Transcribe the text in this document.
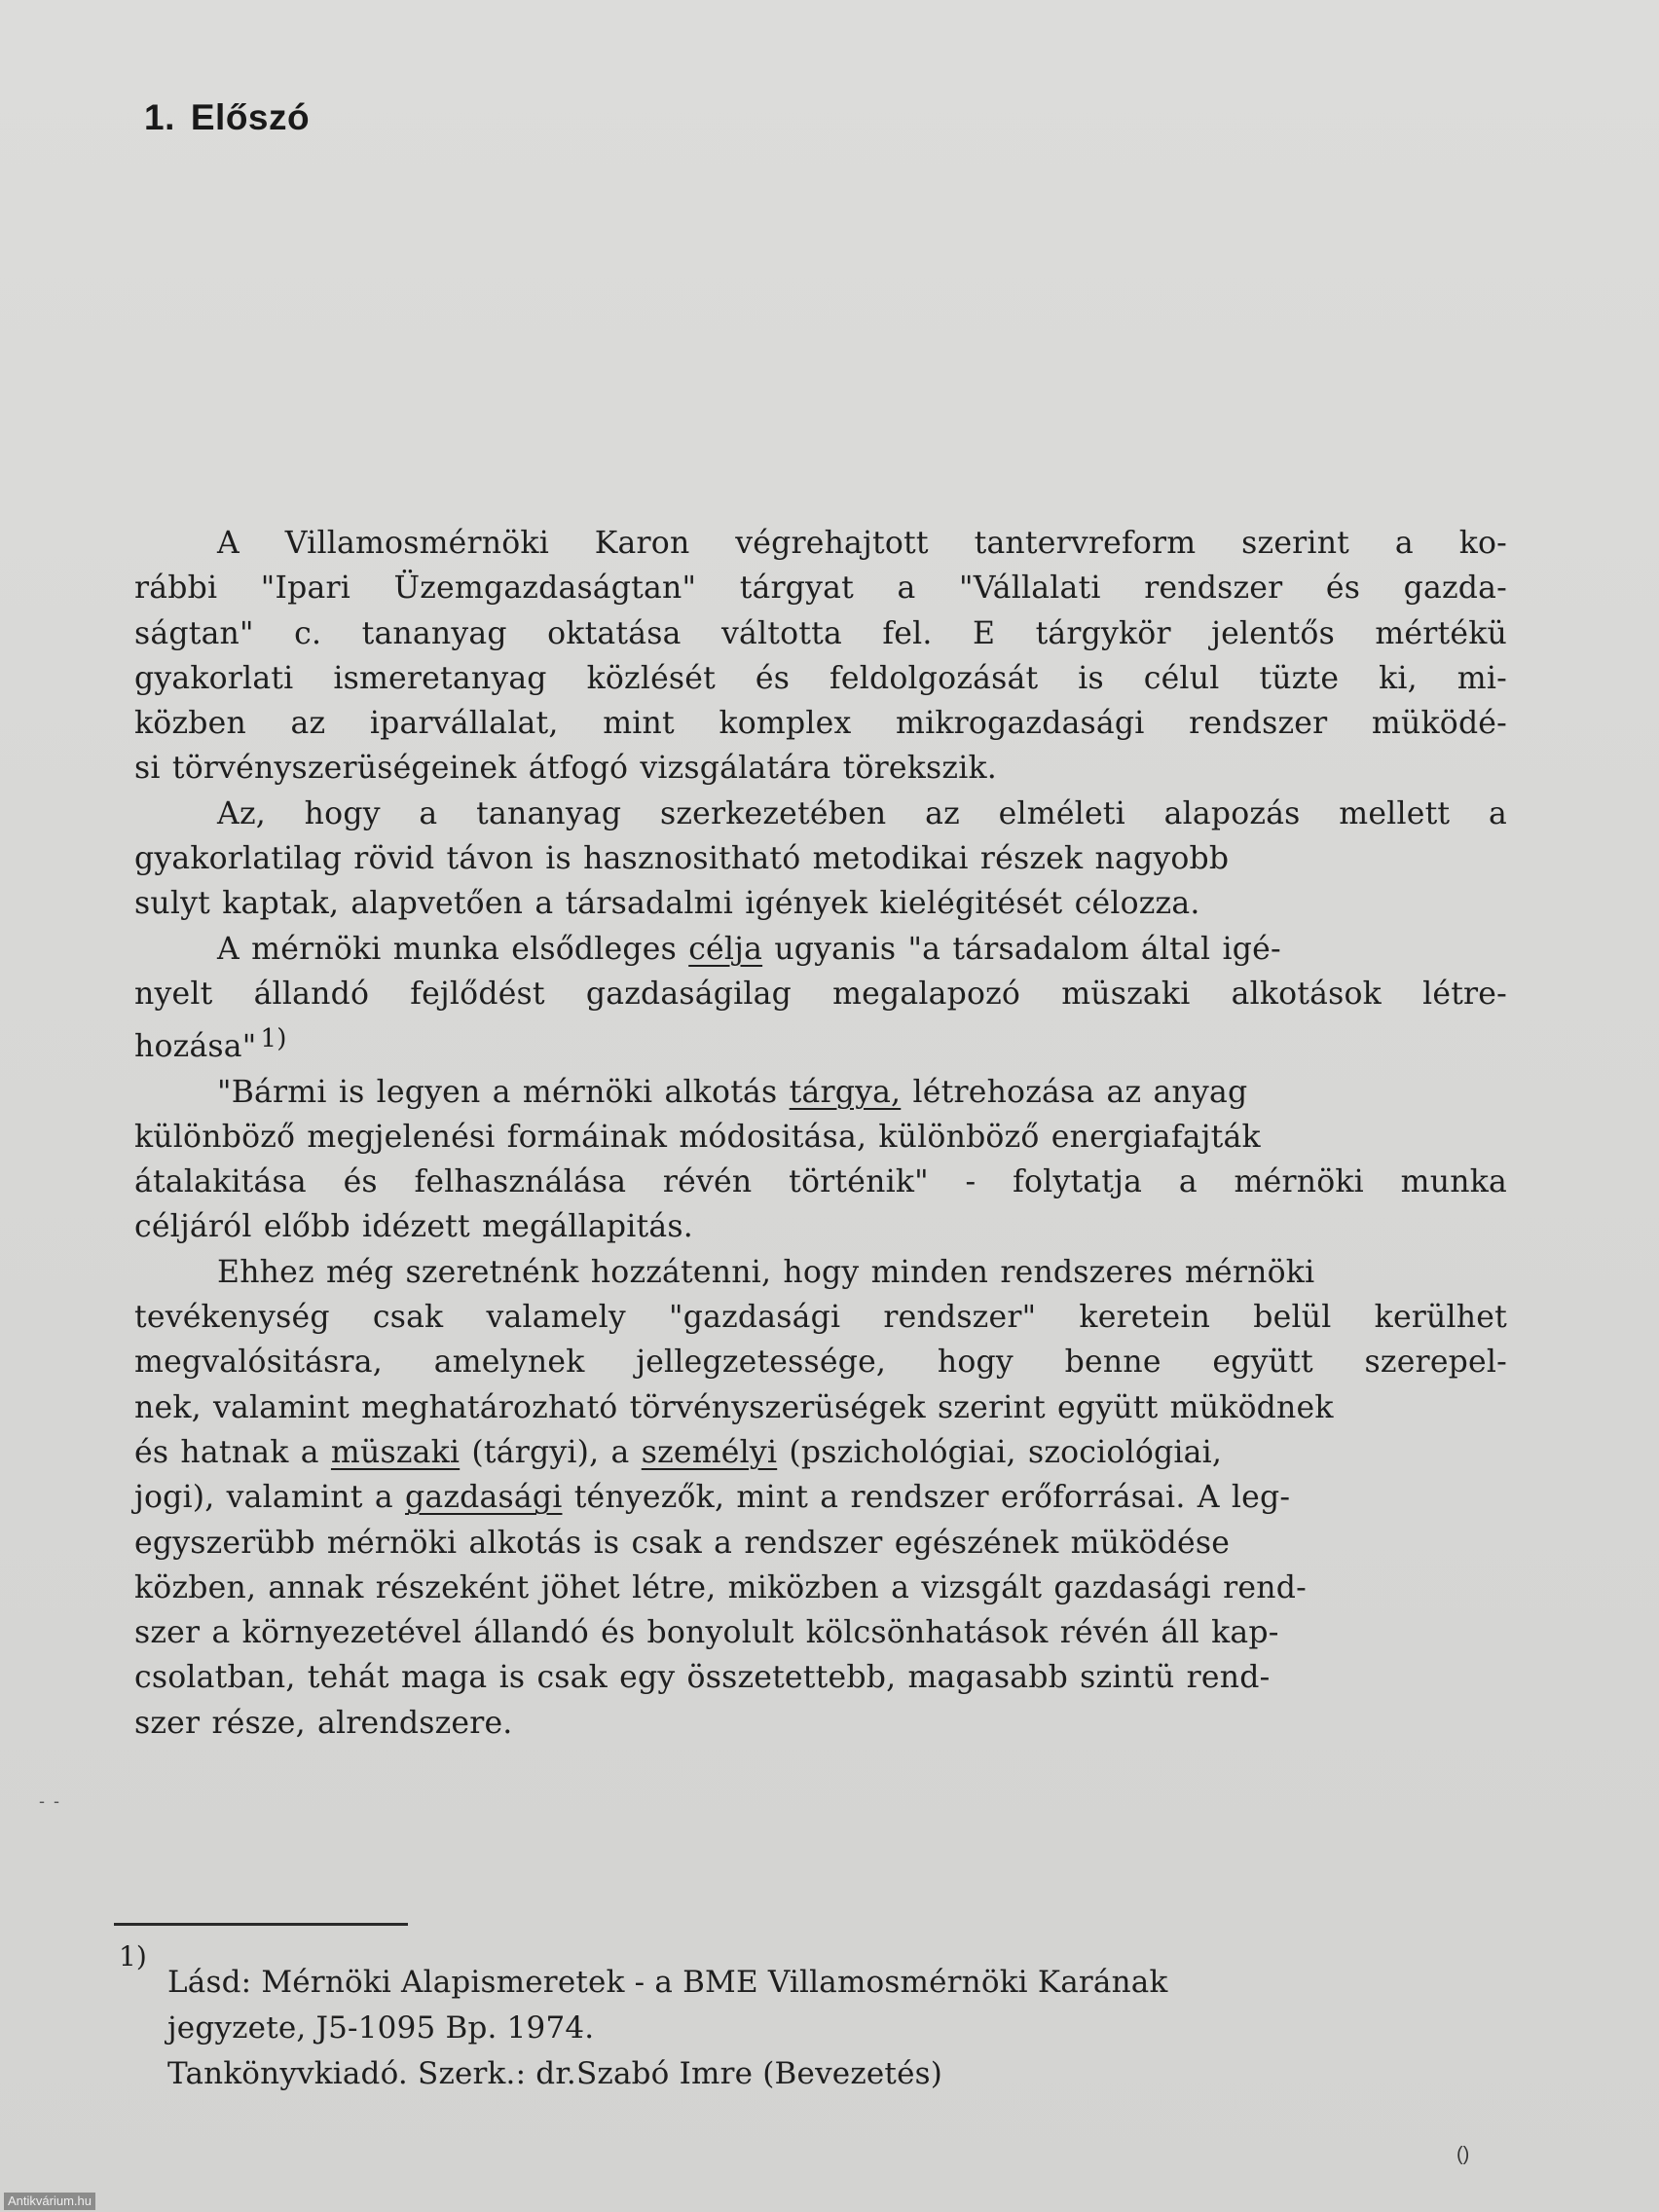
1. Előszó
A Villamosmérnöki Karon végrehajtott tantervreform szerint a ko-
rábbi "Ipari Üzemgazdaságtan" tárgyat a "Vállalati rendszer és gazda-
ságtan" c. tananyag oktatása váltotta fel. E tárgykör jelentős mértékü
gyakorlati ismeretanyag közlését és feldolgozását is célul tüzte ki, mi-
közben az iparvállalat, mint komplex mikrogazdasági rendszer müködé-
si törvényszerüségeinek átfogó vizsgálatára törekszik.
Az, hogy a tananyag szerkezetében az elméleti alapozás mellett a
gyakorlatilag rövid távon is hasznositható metodikai részek nagyobb
sulyt kaptak, alapvetően a társadalmi igények kielégitését célozza.
A mérnöki munka elsődleges célja ugyanis "a társadalom által igé-
nyelt állandó fejlődést gazdaságilag megalapozó müszaki alkotások létre-
hozása" $^{1)}$
"Bármi is legyen a mérnöki alkotás tárgya, létrehozása az anyag
különböző megjelenési formáinak módositása, különböző energiafajták
átalakitása és felhasználása révén történik" - folytatja a mérnöki munka
céljáról előbb idézett megállapitás.
Ehhez még szeretnénk hozzátenni, hogy minden rendszeres mérnöki
tevékenység csak valamely "gazdasági rendszer" keretein belül kerülhet
megvalósitásra, amelynek jellegzetessége, hogy benne együtt szerepel-
nek, valamint meghatározható törvényszerüségek szerint együtt müködnek
és hatnak a müszaki (tárgyi), a személyi (pszichológiai, szociológiai,
jogi), valamint a gazdasági tényezők, mint a rendszer erőforrásai. A leg-
egyszerübb mérnöki alkotás is csak a rendszer egészének müködése
közben, annak részeként jöhet létre, miközben a vizsgált gazdasági rend-
szer a környezetével állandó és bonyolult kölcsönhatások révén áll kap-
csolatban, tehát maga is csak egy összetettebb, magasabb szintü rend-
szer része, alrendszere.
- -
1)
Lásd: Mérnöki Alapismeretek - a BME Villamosmérnöki Karának
jegyzete, J5-1095 Bp. 1974.
Tankönyvkiadó. Szerk.: dr.Szabó Imre (Bevezetés)
()
Antikvárium.hu
